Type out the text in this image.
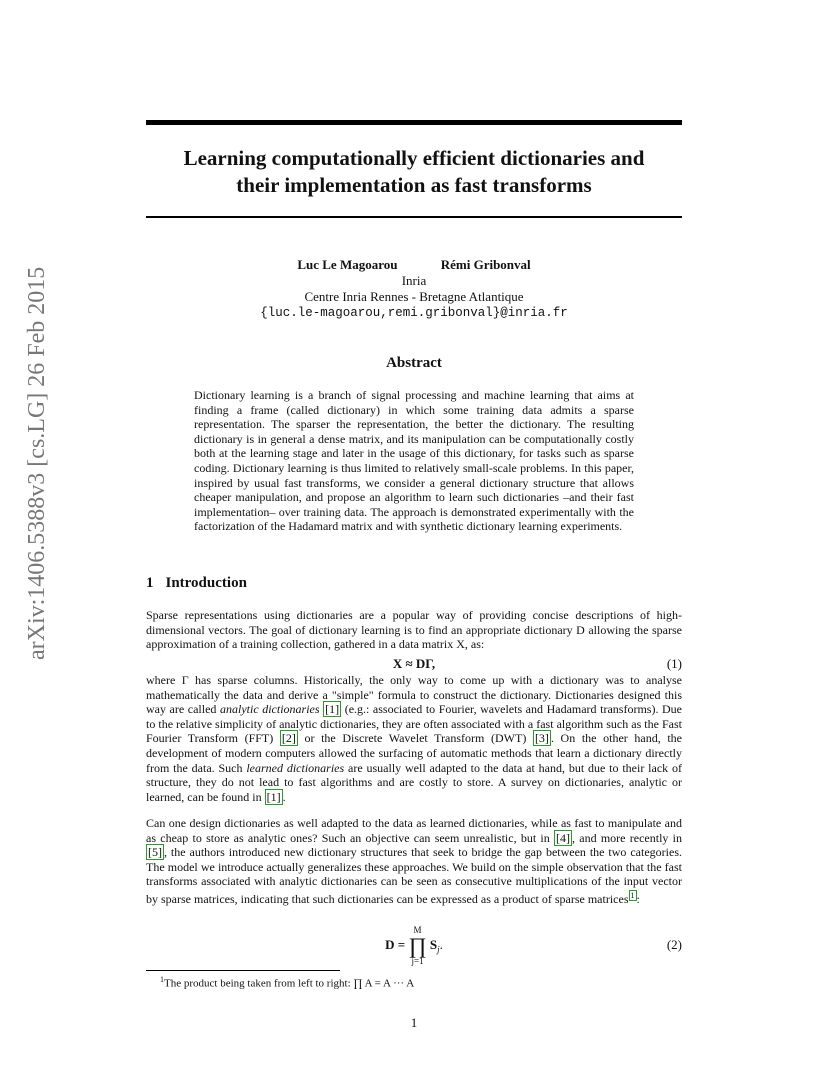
arXiv:1406.5388v3 [cs.LG] 26 Feb 2015
Learning computationally efficient dictionaries and
their implementation as fast transforms
Luc Le Magoarou	Rémi Gribonval
Inria
Centre Inria Rennes - Bretagne Atlantique
{luc.le-magoarou,remi.gribonval}@inria.fr
Abstract
Dictionary learning is a branch of signal processing and machine learning that aims at finding a frame (called dictionary) in which some training data admits a sparse representation. The sparser the representation, the better the dictionary. The resulting dictionary is in general a dense matrix, and its manipulation can be computationally costly both at the learning stage and later in the usage of this dictionary, for tasks such as sparse coding. Dictionary learning is thus limited to relatively small-scale problems. In this paper, inspired by usual fast transforms, we consider a general dictionary structure that allows cheaper manipulation, and propose an algorithm to learn such dictionaries –and their fast implementation– over training data. The approach is demonstrated experimentally with the factorization of the Hadamard matrix and with synthetic dictionary learning experiments.
1 Introduction
Sparse representations using dictionaries are a popular way of providing concise descriptions of high-dimensional vectors. The goal of dictionary learning is to find an appropriate dictionary D allowing the sparse approximation of a training collection, gathered in a data matrix X, as:
X ≈ DΓ,	(1)
where Γ has sparse columns. Historically, the only way to come up with a dictionary was to analyse mathematically the data and derive a "simple" formula to construct the dictionary. Dictionaries designed this way are called analytic dictionaries [1] (e.g.: associated to Fourier, wavelets and Hadamard transforms). Due to the relative simplicity of analytic dictionaries, they are often associated with a fast algorithm such as the Fast Fourier Transform (FFT) [2] or the Discrete Wavelet Transform (DWT) [3] . On the other hand, the development of modern computers allowed the surfacing of automatic methods that learn a dictionary directly from the data. Such learned dictionaries are usually well adapted to the data at hand, but due to their lack of structure, they do not lead to fast algorithms and are costly to store. A survey on dictionaries, analytic or learned, can be found in [1] .
Can one design dictionaries as well adapted to the data as learned dictionaries, while as fast to manipulate and as cheap to store as analytic ones? Such an objective can seem unrealistic, but in [4] , and more recently in [5] , the authors introduced new dictionary structures that seek to bridge the gap between the two categories. The model we introduce actually generalizes these approaches. We build on the simple observation that the fast transforms associated with analytic dictionaries can be seen as consecutive multiplications of the input vector by sparse matrices, indicating that such dictionaries can be expressed as a product of sparse matrices $^1$ :
D =
M
∏
j=1
$S_j$.	(2)
$^1$The product being taken from left to right: ∏ A = A ··· A
1
